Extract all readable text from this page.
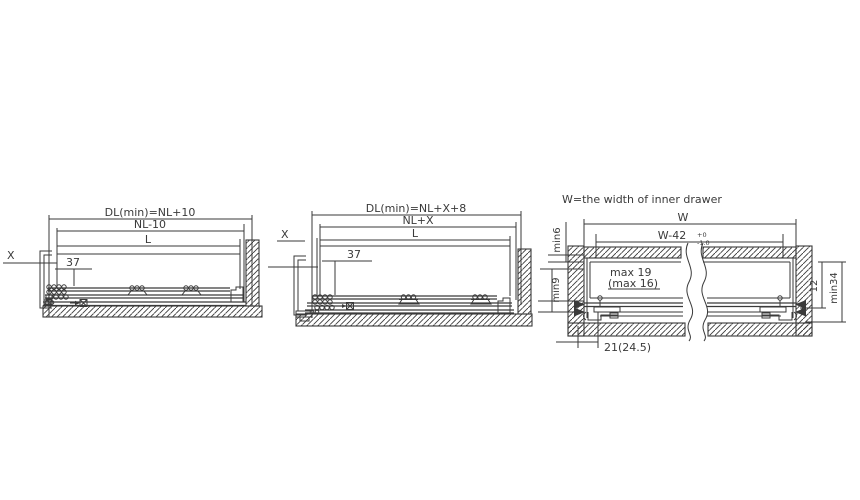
DL(min)=NL+10
NL-10
L
X
37
DL(min)=NL+X+8
NL+X
L
X
37
W=the width of inner drawer
W
W-42 +0
-1.0
min6
min9
max 19
(max 16)	12 min34
21(24.5)
